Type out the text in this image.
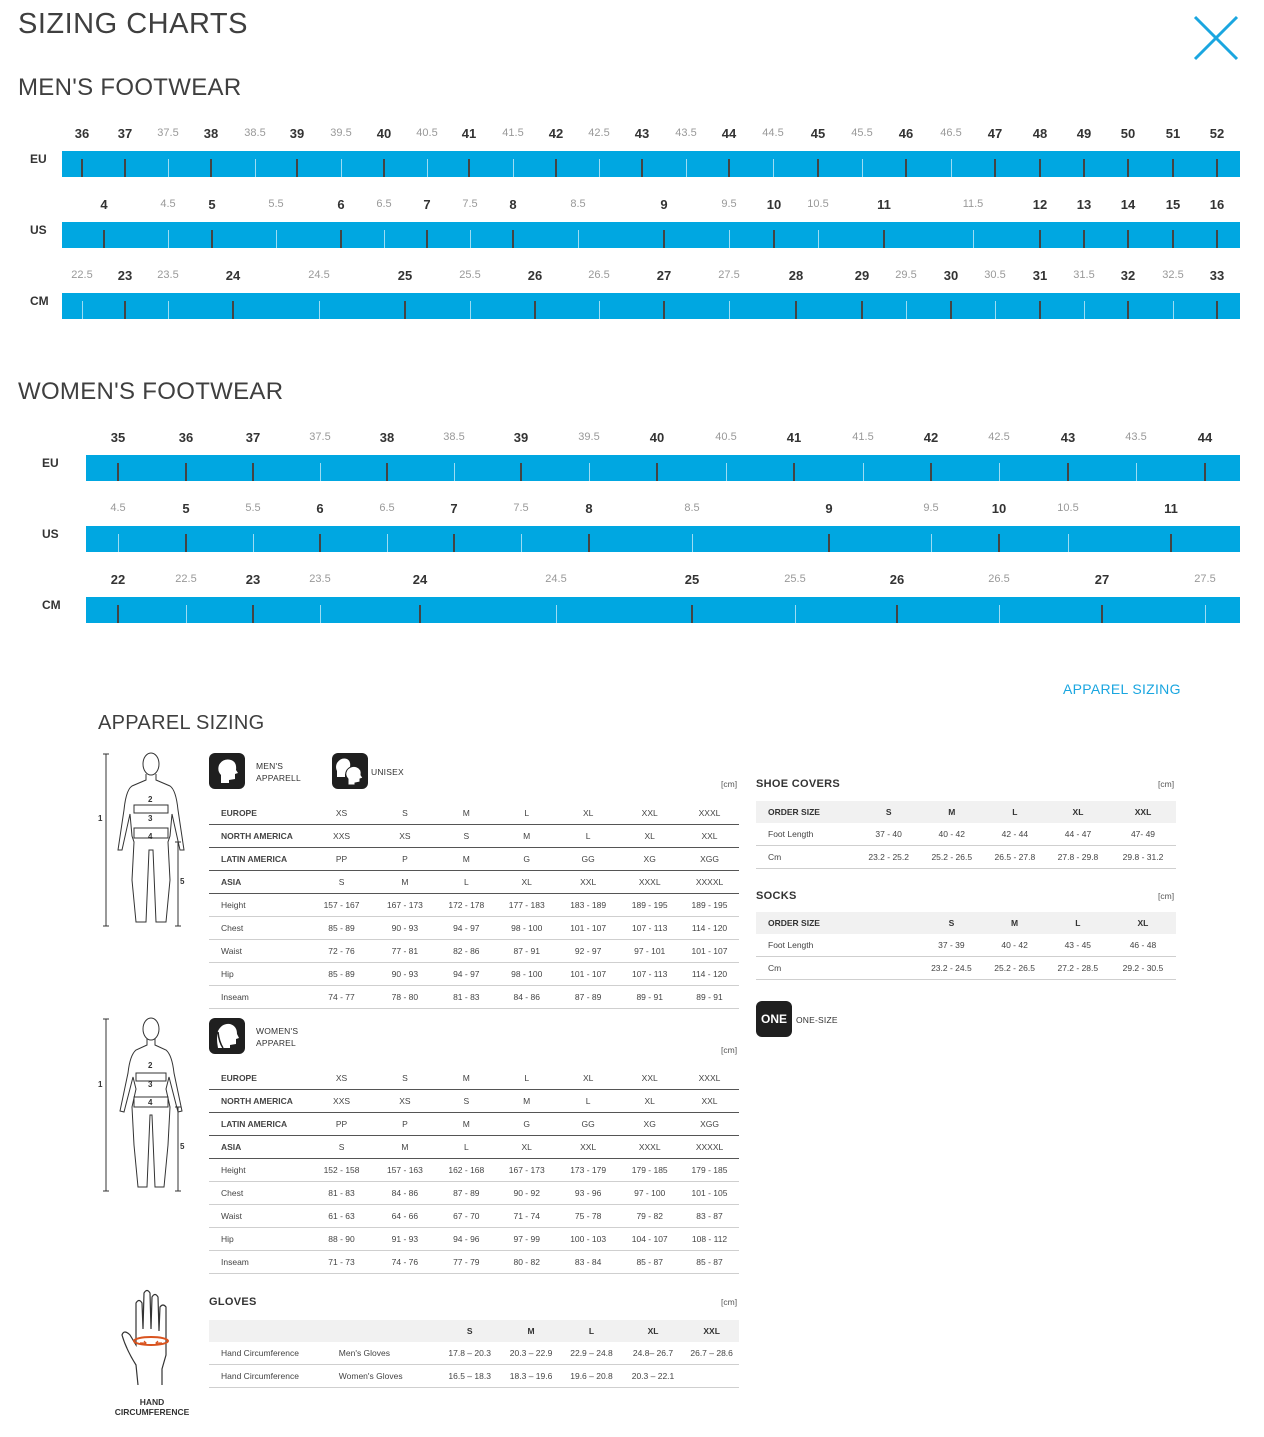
SIZING CHARTS
MEN'S FOOTWEAR
EU
36 37 37.5 38 38.5 39 39.5 40 40.5 41 41.5 42 42.5 43 43.5 44 44.5 45 45.5 46 46.5 47 48 49 50 51 52
US
4	4.5	5	5.5	6	6.5 7	7.5 8	8.5	9	9.5 10 10.5	11	11.5	12 13 14 15 16
CM
22.5 23 23.5	24	24.5	25	25.5	26	26.5	27	27.5	28	29 29.5 30 30.5 31 31.5 32 32.5 33
WOMEN'S FOOTWEAR
EU
35	36	37	37.5	38	38.5	39	39.5	40	40.5	41	41.5	42	42.5	43	43.5	44
US
4.5	5	5.5	6	6.5	7	7.5	8	8.5	9	9.5	10	10.5	11
CM
22	22.5	23	23.5	24	24.5	25	25.5	26	26.5	27	27.5
APPAREL SIZING
APPAREL SIZING
2
3
4
1
5
MEN'S
APPARELL
UNISEX
[cm]
EUROPE	XS	S	M	L	XL	XXL	XXXL
NORTH AMERICA	XXS	XS	S	M	L	XL	XXL
LATIN AMERICA	PP	P	M	G	GG	XG	XGG
ASIA	S	M	L	XL	XXL	XXXL	XXXXL
Height	157 - 167	167 - 173	172 - 178	177 - 183	183 - 189	189 - 195	189 - 195
Chest	85 - 89	90 - 93	94 - 97	98 - 100	101 - 107	107 - 113	114 - 120
Waist	72 - 76	77 - 81	82 - 86	87 - 91	92 - 97	97 - 101	101 - 107
Hip	85 - 89	90 - 93	94 - 97	98 - 100	101 - 107	107 - 113	114 - 120
Inseam	74 - 77	78 - 80	81 - 83	84 - 86	87 - 89	89 - 91	89 - 91
2
3
4
1
5
WOMEN'S
APPAREL
[cm]
EUROPE	XS	S	M	L	XL	XXL	XXXL
NORTH AMERICA	XXS	XS	S	M	L	XL	XXL
LATIN AMERICA	PP	P	M	G	GG	XG	XGG
ASIA	S	M	L	XL	XXL	XXXL	XXXXL
Height	152 - 158	157 - 163	162 - 168	167 - 173	173 - 179	179 - 185	179 - 185
Chest	81 - 83	84 - 86	87 - 89	90 - 92	93 - 96	97 - 100	101 - 105
Waist	61 - 63	64 - 66	67 - 70	71 - 74	75 - 78	79 - 82	83 - 87
Hip	88 - 90	91 - 93	94 - 96	97 - 99	100 - 103	104 - 107	108 - 112
Inseam	71 - 73	74 - 76	77 - 79	80 - 82	83 - 84	85 - 87	85 - 87
HAND
CIRCUMFERENCE
GLOVES	[cm]
		S	M	L	XL	XXL
Hand Circumference	Men's Gloves	17.8 – 20.3	20.3 – 22.9	22.9 – 24.8	24.8– 26.7	26.7 – 28.6
Hand Circumference	Women's Gloves	16.5 – 18.3	18.3 – 19.6	19.6 – 20.8	20.3 – 22.1	
SHOE COVERS	[cm]
ORDER SIZE	S	M	L	XL	XXL
Foot Length	37 - 40	40 - 42	42 - 44	44 - 47	47- 49
Cm	23.2 - 25.2	25.2 - 26.5	26.5 - 27.8	27.8 - 29.8	29.8 - 31.2
SOCKS	[cm]
ORDER SIZE		S	M	L	XL
Foot Length		37 - 39	40 - 42	43 - 45	46 - 48
Cm		23.2 - 24.5	25.2 - 26.5	27.2 - 28.5	29.2 - 30.5
ONE	ONE-SIZE
